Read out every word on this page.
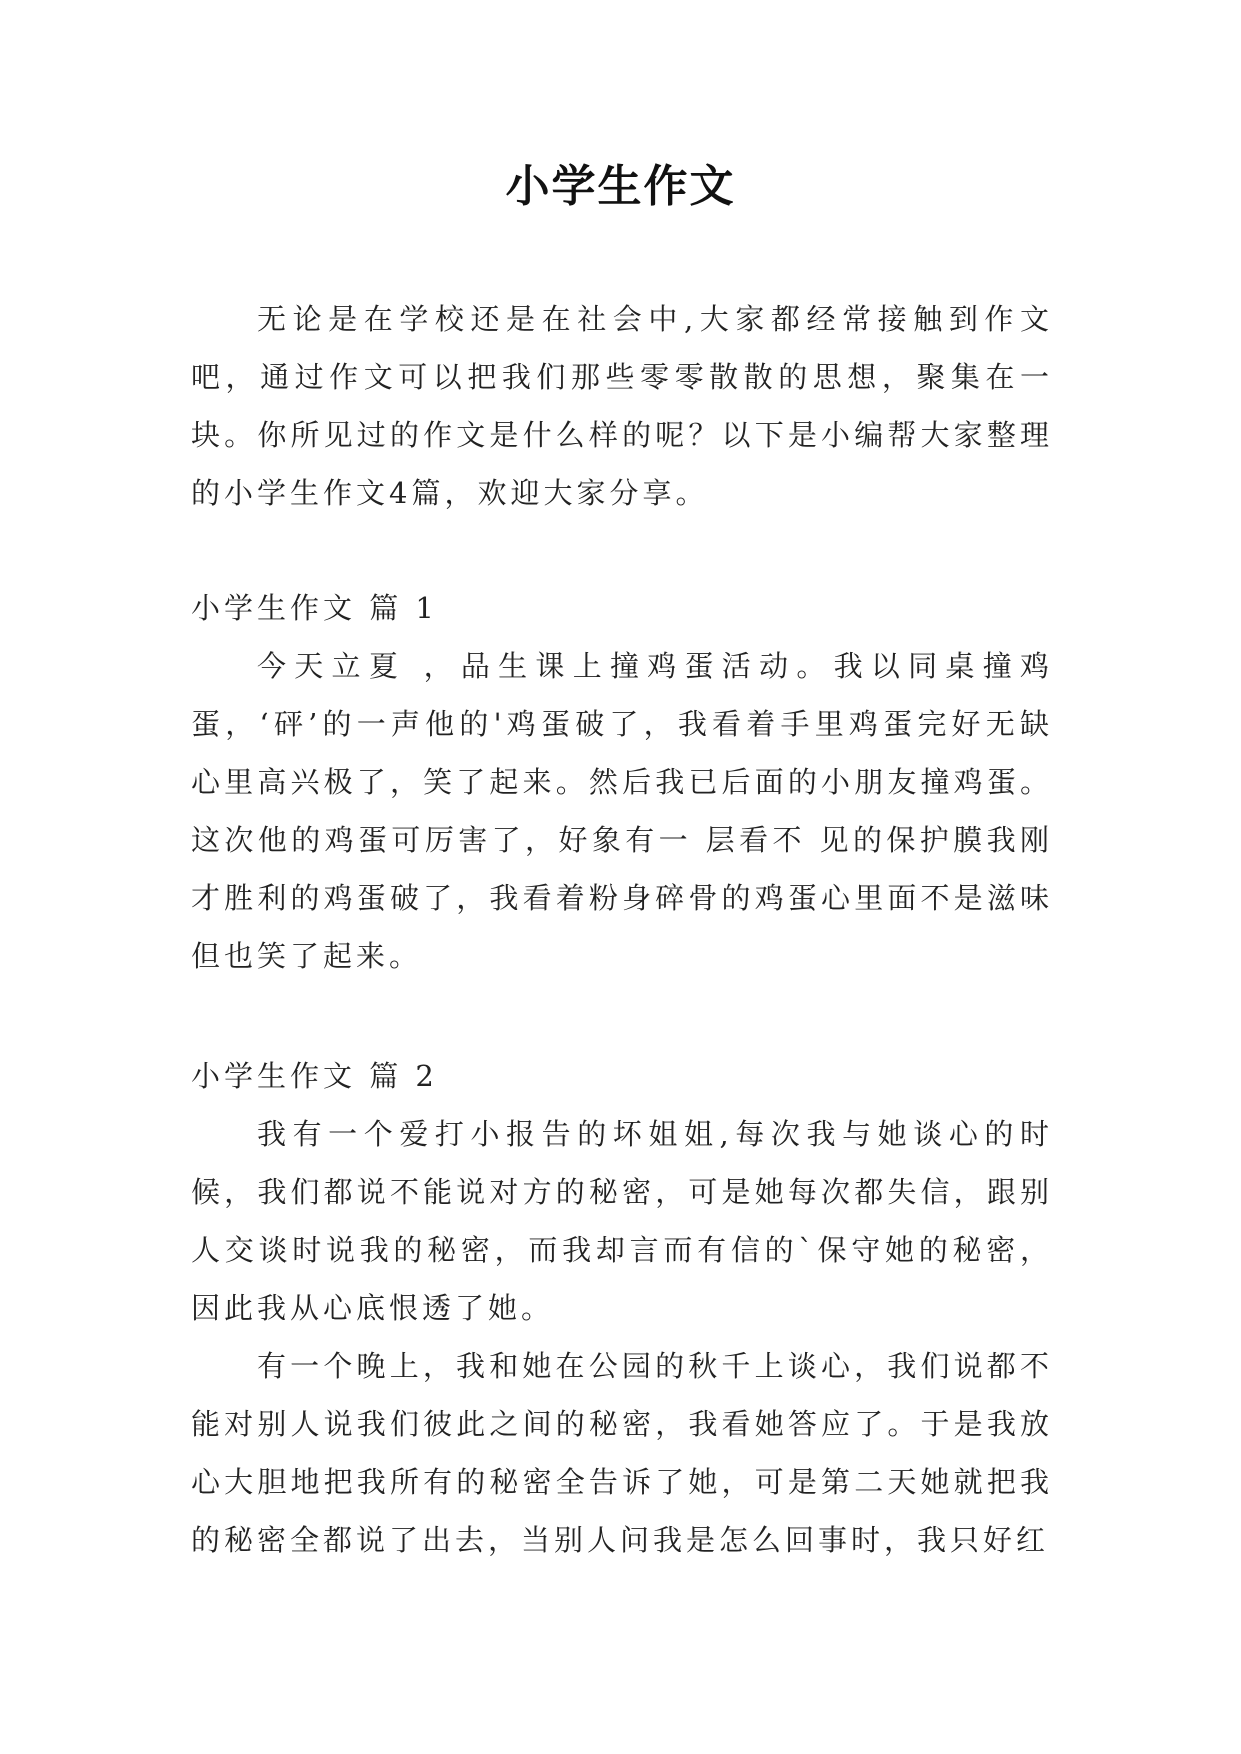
小学生作文

无论是在学校还是在社会中,大家都经常接触到作文吧，通过作文可以把我们那些零零散散的思想，聚集在一块。你所见过的作文是什么样的呢？以下是小编帮大家整理的小学生作文4篇，欢迎大家分享。

小学生作文 篇 1

今天立夏 ，品生课上撞鸡蛋活动。我以同桌撞鸡蛋，‘砰’的一声他的'鸡蛋破了，我看着手里鸡蛋完好无缺心里高兴极了，笑了起来。然后我已后面的小朋友撞鸡蛋。这次他的鸡蛋可厉害了，好象有一 层看不 见的保护膜我刚才胜利的鸡蛋破了，我看着粉身碎骨的鸡蛋心里面不是滋味但也笑了起来。

小学生作文 篇 2

我有一个爱打小报告的坏姐姐,每次我与她谈心的时候，我们都说不能说对方的秘密，可是她每次都失信，跟别人交谈时说我的秘密，而我却言而有信的`保守她的秘密，因此我从心底恨透了她。

有一个晚上，我和她在公园的秋千上谈心，我们说都不能对别人说我们彼此之间的秘密，我看她答应了。于是我放心大胆地把我所有的秘密全告诉了她，可是第二天她就把我的秘密全都说了出去，当别人问我是怎么回事时，我只好红
